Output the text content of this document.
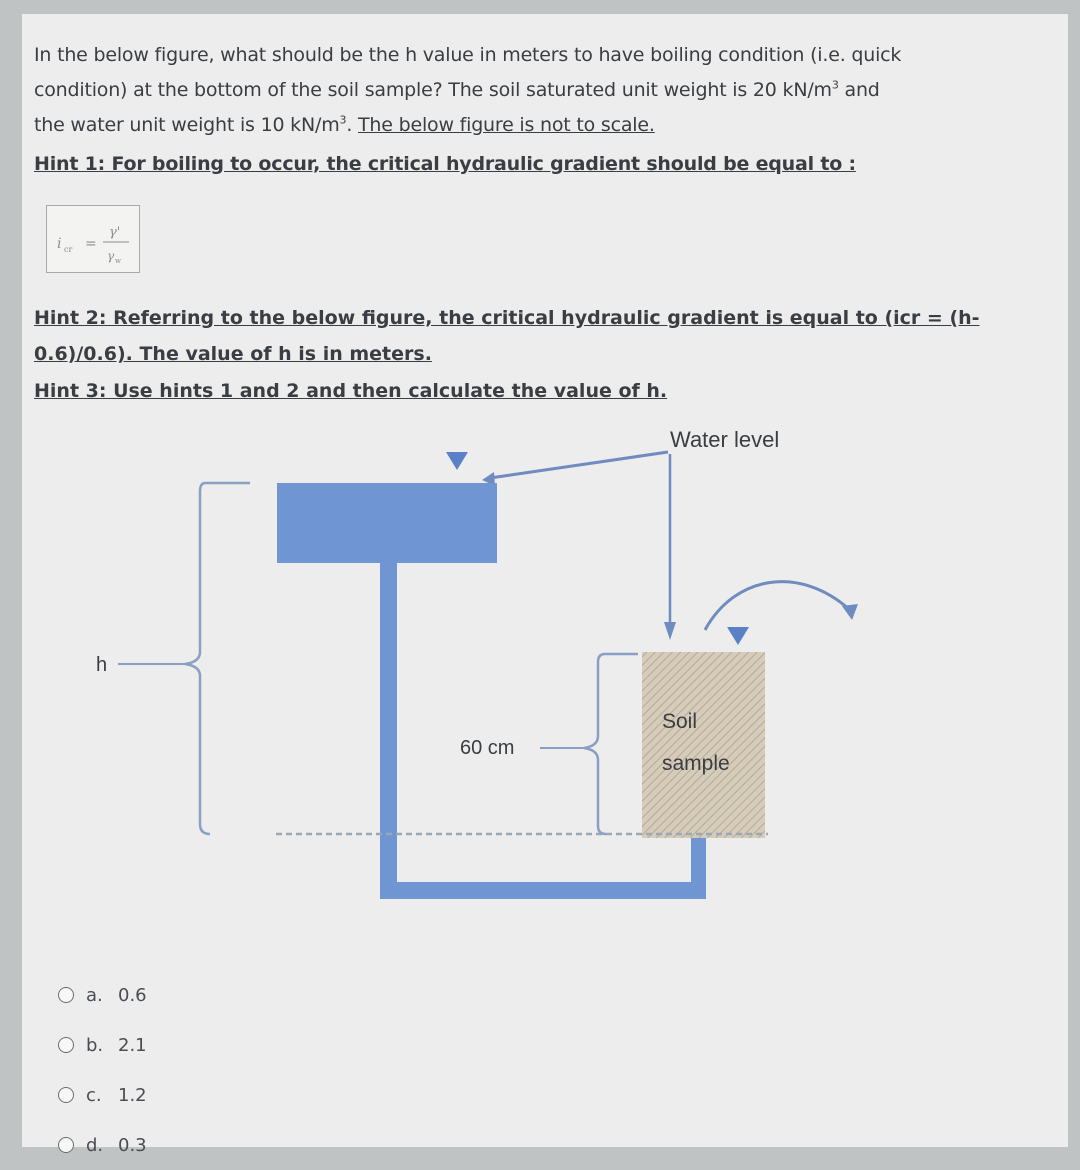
In the below figure, what should be the h value in meters to have boiling condition (i.e. quick

condition) at the bottom of the soil sample? The soil saturated unit weight is 20 $kN/m^3$ and

the water unit weight is 10 $kN/m^3$. The below figure is not to scale.

Hint 1: For boiling to occur, the critical hydraulic gradient should be equal to :

i cr =
γ'
γ w
Hint 2: Referring to the below figure, the critical hydraulic gradient is equal to (icr = (h-
0.6)/0.6). The value of h is in meters.
Hint 3: Use hints 1 and 2 and then calculate the value of h.
Water level
Soil
sample
h
60 cm
a. 0.6
b. 2.1
c. 1.2
d. 0.3
